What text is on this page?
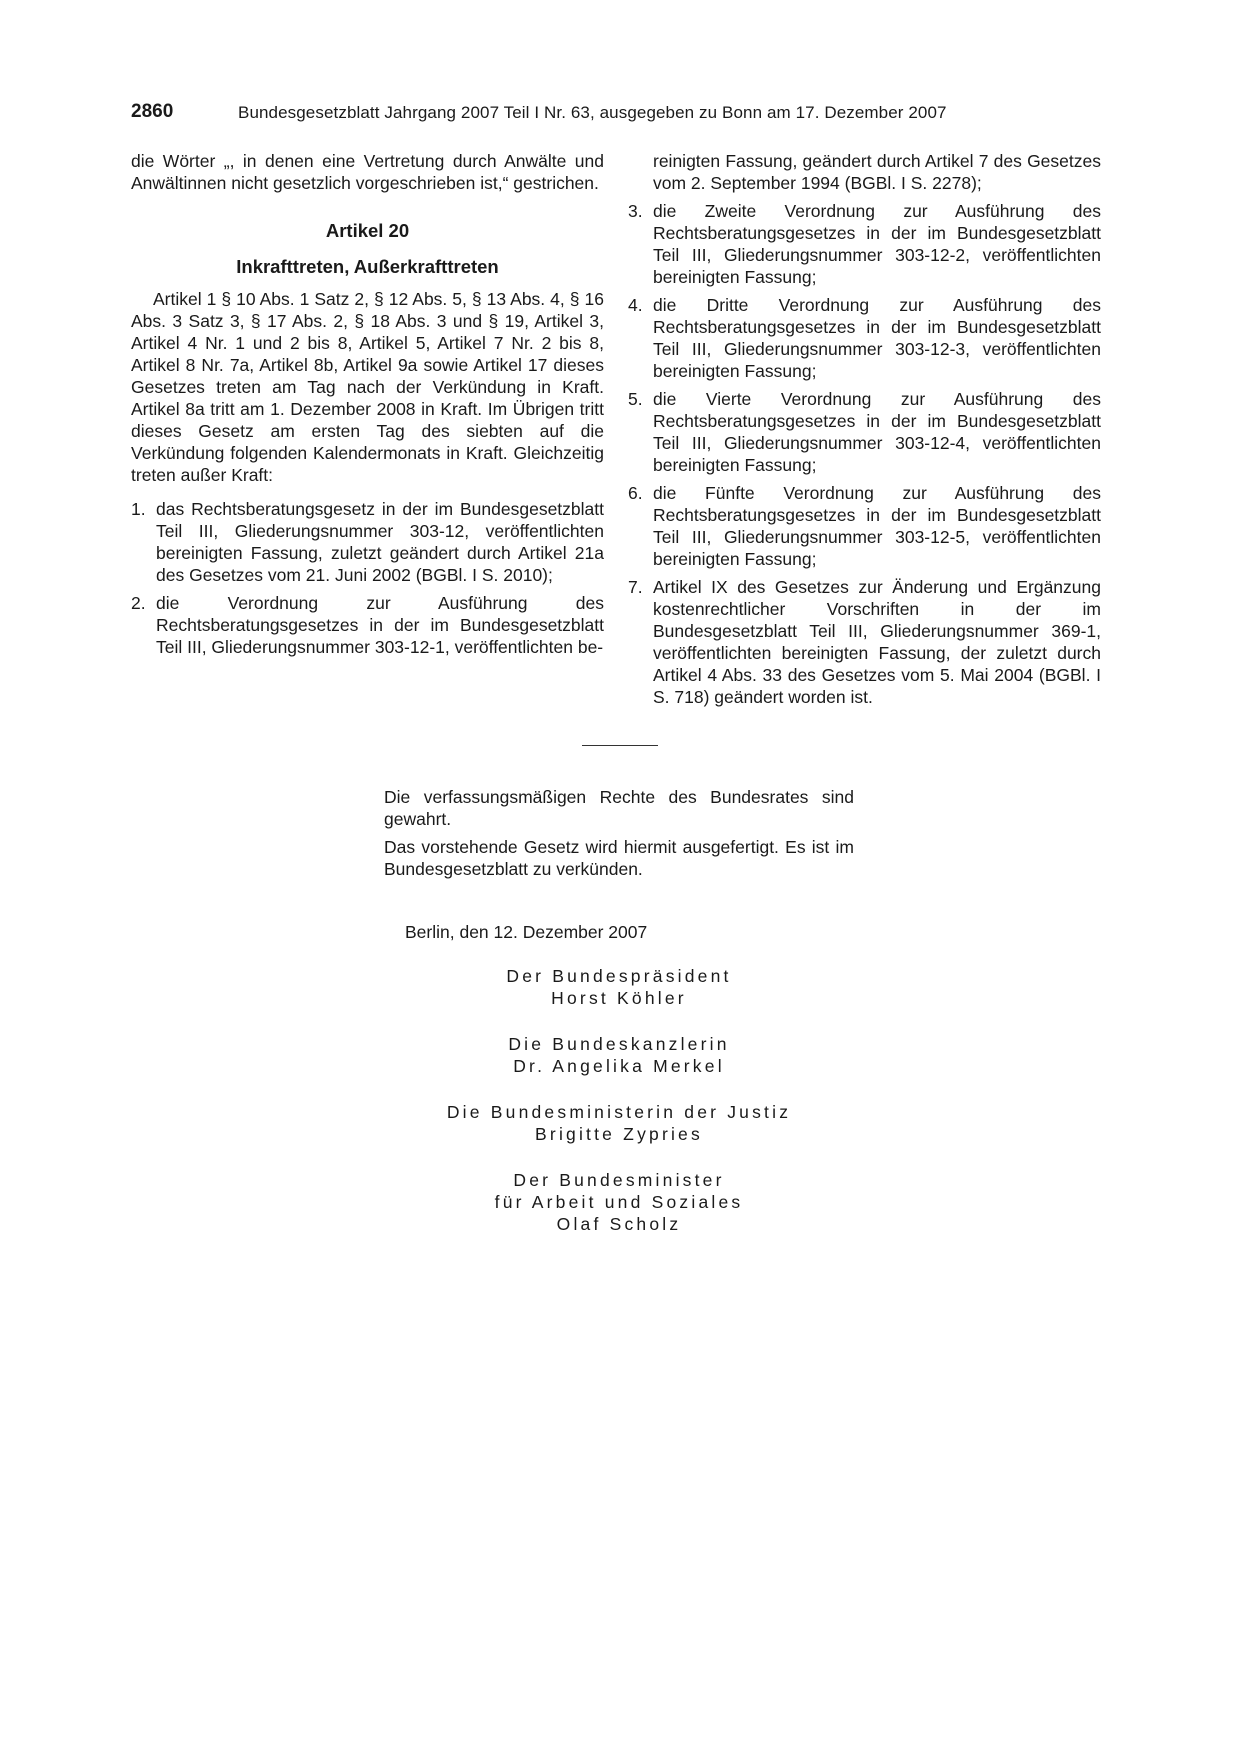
2860	Bundesgesetzblatt Jahrgang 2007 Teil I Nr. 63, ausgegeben zu Bonn am 17. Dezember 2007

die Wörter „, in denen eine Vertretung durch Anwälte und Anwältinnen nicht gesetzlich vorgeschrieben ist,“ gestrichen.

Artikel 20

Inkrafttreten, Außerkrafttreten

Artikel 1 § 10 Abs. 1 Satz 2, § 12 Abs. 5, § 13 Abs. 4, § 16 Abs. 3 Satz 3, § 17 Abs. 2, § 18 Abs. 3 und § 19, Artikel 3, Artikel 4 Nr. 1 und 2 bis 8, Artikel 5, Artikel 7 Nr. 2 bis 8, Artikel 8 Nr. 7a, Artikel 8b, Artikel 9a sowie Artikel 17 dieses Gesetzes treten am Tag nach der Verkündung in Kraft. Artikel 8a tritt am 1. Dezember 2008 in Kraft. Im Übrigen tritt dieses Gesetz am ersten Tag des siebten auf die Verkündung folgenden Kalendermonats in Kraft. Gleichzeitig treten außer Kraft:

1. das Rechtsberatungsgesetz in der im Bundesgesetzblatt Teil III, Gliederungsnummer 303-12, veröffentlichten bereinigten Fassung, zuletzt geändert durch Artikel 21a des Gesetzes vom 21. Juni 2002 (BGBl. I S. 2010);
2. die Verordnung zur Ausführung des Rechtsberatungsgesetzes in der im Bundesgesetzblatt Teil III, Gliederungsnummer 303-12-1, veröffentlichten be-

reinigten Fassung, geändert durch Artikel 7 des Gesetzes vom 2. September 1994 (BGBl. I S. 2278);

3. die Zweite Verordnung zur Ausführung des Rechtsberatungsgesetzes in der im Bundesgesetzblatt Teil III, Gliederungsnummer 303-12-2, veröffentlichten bereinigten Fassung;
4. die Dritte Verordnung zur Ausführung des Rechtsberatungsgesetzes in der im Bundesgesetzblatt Teil III, Gliederungsnummer 303-12-3, veröffentlichten bereinigten Fassung;
5. die Vierte Verordnung zur Ausführung des Rechtsberatungsgesetzes in der im Bundesgesetzblatt Teil III, Gliederungsnummer 303-12-4, veröffentlichten bereinigten Fassung;
6. die Fünfte Verordnung zur Ausführung des Rechtsberatungsgesetzes in der im Bundesgesetzblatt Teil III, Gliederungsnummer 303-12-5, veröffentlichten bereinigten Fassung;
7. Artikel IX des Gesetzes zur Änderung und Ergänzung kostenrechtlicher Vorschriften in der im Bundesgesetzblatt Teil III, Gliederungsnummer 369-1, veröffentlichten bereinigten Fassung, der zuletzt durch Artikel 4 Abs. 33 des Gesetzes vom 5. Mai 2004 (BGBl. I S. 718) geändert worden ist.

Die verfassungsmäßigen Rechte des Bundesrates sind gewahrt.

Das vorstehende Gesetz wird hiermit ausgefertigt. Es ist im Bundesgesetzblatt zu verkünden.

Berlin, den 12. Dezember 2007
Der Bundespräsident
Horst Köhler
Die Bundeskanzlerin
Dr. Angelika Merkel
Die Bundesministerin der Justiz
Brigitte Zypries
Der Bundesminister
für Arbeit und Soziales
Olaf Scholz
